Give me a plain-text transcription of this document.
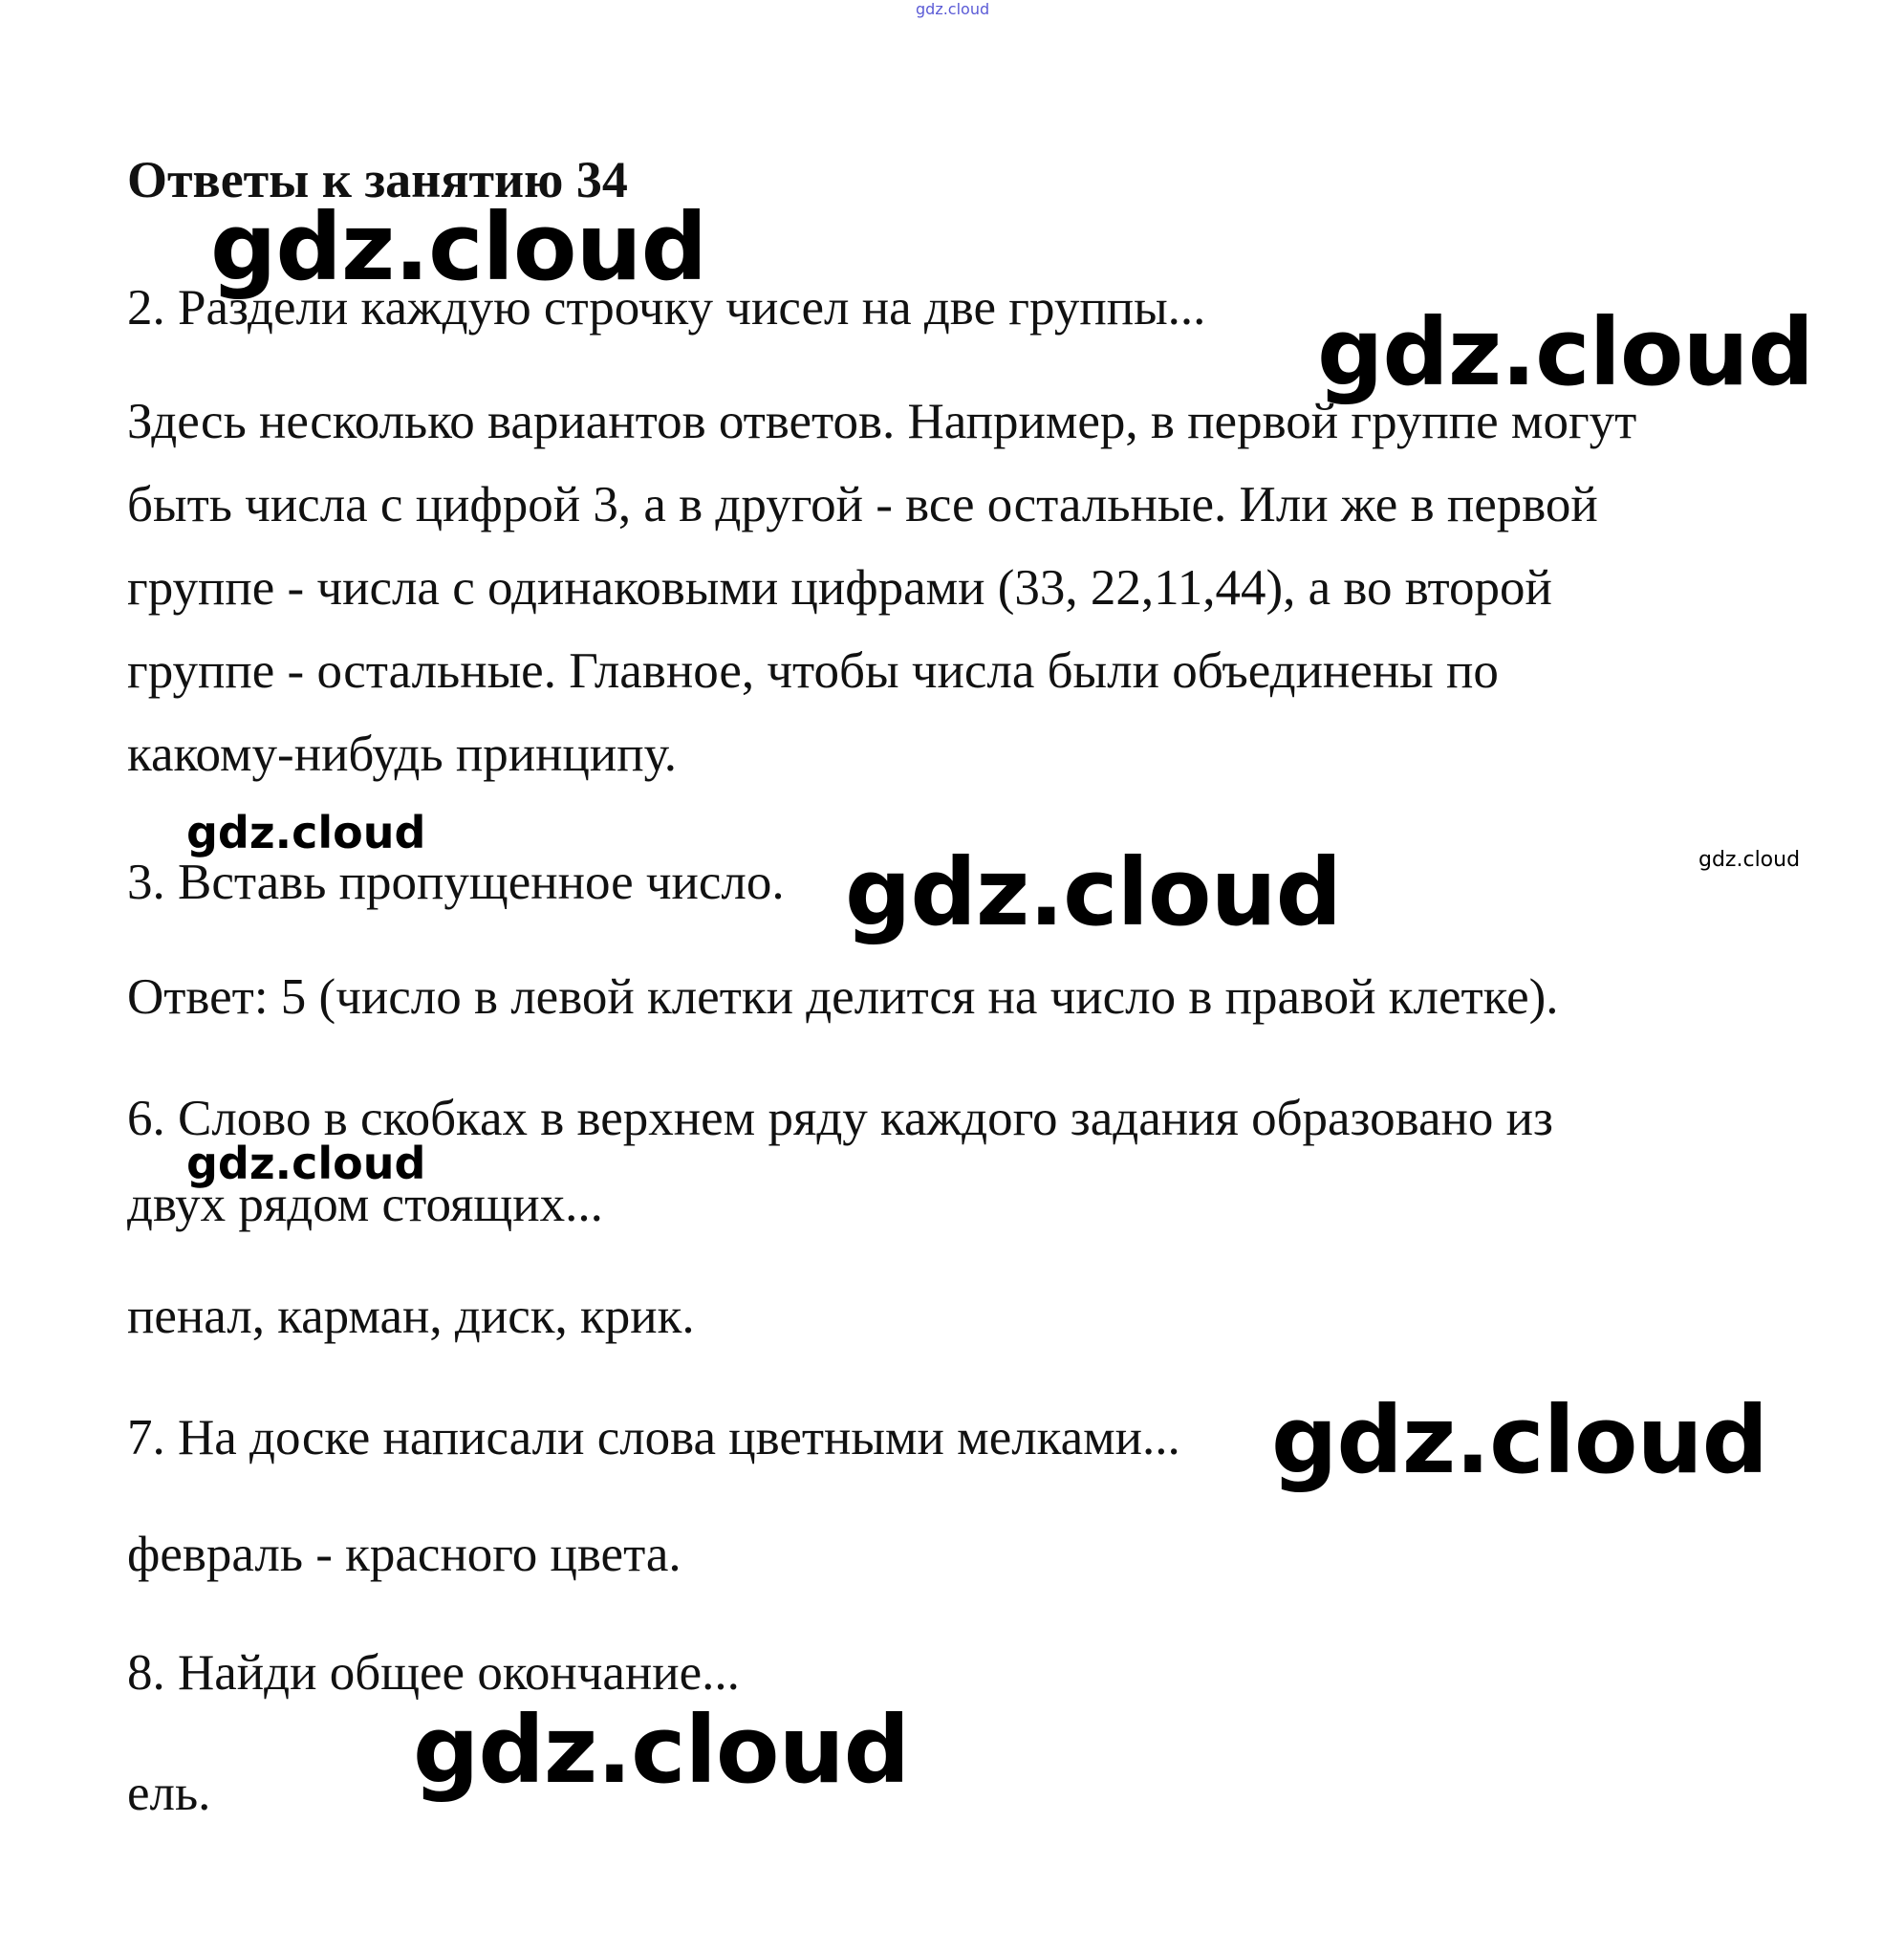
gdz.cloud
Ответы к занятию 34
gdz.cloud

2. Раздели каждую строчку чисел на две группы... gdz.cloud
Здесь несколько вариантов ответов. Например, в первой группе могут
быть числа с цифрой 3, а в другой - все остальные. Или же в первой
группе - числа с одинаковыми цифрами (33, 22,11,44), а во второй
группе - остальные. Главное, чтобы числа были объединены по
какому-нибудь принципу.
gdz.cloud

3. Вставь пропущенное число. gdz.cloud	gdz.cloud

Ответ: 5 (число в левой клетки делится на число в правой клетке).

6. Слово в скобках в верхнем ряду каждого задания образовано из

gdz.cloud

двух рядом стоящих...

пенал, карман, диск, крик.

7. На доске написали слова цветными мелками... gdz.cloud

февраль - красного цвета.

8. Найди общее окончание...

gdz.cloud

ель.
